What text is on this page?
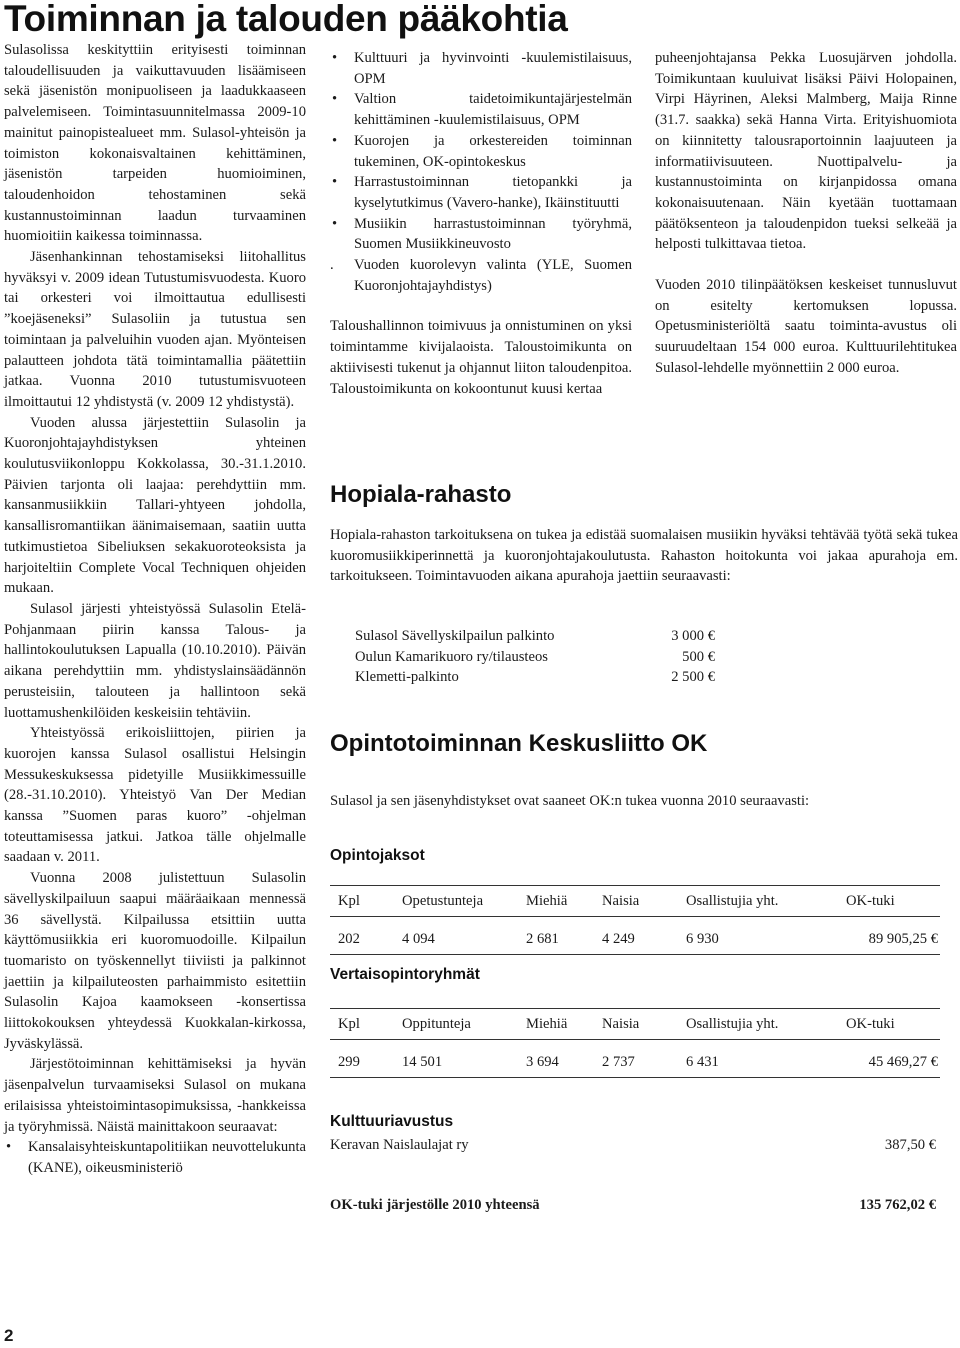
Toiminnan ja talouden pääkohtia

Sulasolissa keskityttiin erityisesti toiminnan taloudellisuuden ja vaikuttavuuden lisäämiseen sekä jäsenistön monipuoliseen ja laadukkaaseen palvelemiseen. Toimintasuunnitelmassa 2009-10 mainitut painopistealueet mm. Sulasol-yhteisön ja toimiston kokonaisvaltainen kehittäminen, jäsenistön tarpeiden huomioiminen, taloudenhoidon tehostaminen sekä kustannustoiminnan laadun turvaaminen huomioitiin kaikessa toiminnassa.

Jäsenhankinnan tehostamiseksi liitohallitus hyväksyi v. 2009 idean Tutustumisvuodesta. Kuoro tai orkesteri voi ilmoittautua edullisesti ”koejäseneksi” Sulasoliin ja tutustua sen toimintaan ja palveluihin vuoden ajan. Myönteisen palautteen johdota tätä toimintamallia päätettiin jatkaa. Vuonna 2010 tutustumisvuoteen ilmoittautui 12 yhdistystä (v. 2009 12 yhdistystä).

Vuoden alussa järjestettiin Sulasolin ja Kuoronjohtajayhdistyksen yhteinen koulutusviikonloppu Kokkolassa, 30.-31.1.2010. Päivien tarjonta oli laajaa: perehdyttiin mm. kansanmusiikkiin Tallari-yhtyeen johdolla, kansallisromantiikan äänimaisemaan, saatiin uutta tutkimustietoa Sibeliuksen sekakuoroteoksista ja harjoiteltiin Complete Vocal Techniquen ohjeiden mukaan.

Sulasol järjesti yhteistyössä Sulasolin Etelä-Pohjanmaan piirin kanssa Talous- ja hallintokoulutuksen Lapualla (10.10.2010). Päivän aikana perehdyttiin mm. yhdistyslainsäädännön perusteisiin, talouteen ja hallintoon sekä luottamushenkilöiden keskeisiin tehtäviin.

Yhteistyössä erikoisliittojen, piirien ja kuorojen kanssa Sulasol osallistui Helsingin Messukeskuksessa pidetyille Musiikkimessuille (28.-31.10.2010). Yhteistyö Van Der Median kanssa ”Suomen paras kuoro” -ohjelman toteuttamisessa jatkui. Jatkoa tälle ohjelmalle saadaan v. 2011.

Vuonna 2008 julistettuun Sulasolin sävellyskilpailuun saapui määräaikaan mennessä 36 sävellystä. Kilpailussa etsittiin uutta käyttömusiikkia eri kuoromuodoille. Kilpailun tuomaristo on työskennellyt tiiviisti ja palkinnot jaettiin ja kilpailuteosten parhaimmisto esitettiin Sulasolin Kajoa kaamokseen -konsertissa liittokokouksen yhteydessä Kuokkalan-kirkossa, Jyväskylässä.

Järjestötoiminnan kehittämiseksi ja hyvän jäsenpalvelun turvaamiseksi Sulasol on mukana erilaisissa yhteistoimintasopimuksissa, -hankkeissa ja työryhmissä. Näistä mainittakoon seuraavat:

• Kansalaisyhteiskuntapolitiikan neuvottelukunta (KANE), oikeusministeriö
• Kulttuuri ja hyvinvointi -kuulemistilaisuus, OPM
• Valtion taidetoimikuntajärjestelmän kehittäminen -kuulemistilaisuus, OPM
• Kuorojen ja orkestereiden toiminnan tukeminen, OK-opintokeskus
• Harrastustoiminnan tietopankki ja kyselytutkimus (Vavero-hanke), Ikäinstituutti
• Musiikin harrastustoiminnan työryhmä, Suomen Musiikkineuvosto
. Vuoden kuorolevyn valinta (YLE, Suomen Kuoronjohtajayhdistys)

Taloushallinnon toimivuus ja onnistuminen on yksi toimintamme kivijalaoista. Taloustoimikunta on aktiivisesti tukenut ja ohjannut liiton taloudenpitoa. Taloustoimikunta on kokoontunut kuusi kertaa

puheenjohtajansa Pekka Luosujärven johdolla. Toimikuntaan kuuluivat lisäksi Päivi Holopainen, Virpi Häyrinen, Aleksi Malmberg, Maija Rinne (31.7. saakka) sekä Hanna Virta. Erityishuomiota on kiinnitetty talousraportoinnin laajuuteen ja informatiivisuuteen. Nuottipalvelu- ja kustannustoiminta on kirjanpidossa omana kokonaisuutenaan. Näin kyetään tuottamaan päätöksenteon ja taloudenpidon tueksi selkeää ja helposti tulkittavaa tietoa.

Vuoden 2010 tilinpäätöksen keskeiset tunnusluvut on esitelty kertomuksen lopussa. Opetusministeriöltä saatu toiminta-avustus oli suuruudeltaan 154 000 euroa. Kulttuurilehtitukea Sulasol-lehdelle myönnettiin 2 000 euroa.

Hopiala-rahasto

Hopiala-rahaston tarkoituksena on tukea ja edistää suomalaisen musiikin hyväksi tehtävää työtä sekä tukea kuoromusiikkiperinnettä ja kuoronjohtajakoulutusta. Rahaston hoitokunta voi jakaa apurahoja em. tarkoitukseen. Toimintavuoden aikana apurahoja jaettiin seuraavasti:

Sulasol Sävellyskilpailun palkinto	3 000 €
Oulun Kamarikuoro ry/tilausteos	500 €
Klemetti-palkinto	2 500 €
Opintotoiminnan Keskusliitto OK

Sulasol ja sen jäsenyhdistykset ovat saaneet OK:n tukea vuonna 2010 seuraavasti:

Opintojaksot
Kpl	Opetustunteja	Miehiä	Naisia	Osallistujia yht.	OK-tuki

202	4 094	2 681	4 249	6 930	89 905,25 €
Vertaisopintoryhmät
Kpl	Oppitunteja	Miehiä	Naisia	Osallistujia yht.	OK-tuki

299	14 501	3 694	2 737	6 431	45 469,27 €
Kulttuuriavustus
Keravan Naislaulajat ry	387,50 €
OK-tuki järjestölle 2010 yhteensä	135 762,02 €
2
